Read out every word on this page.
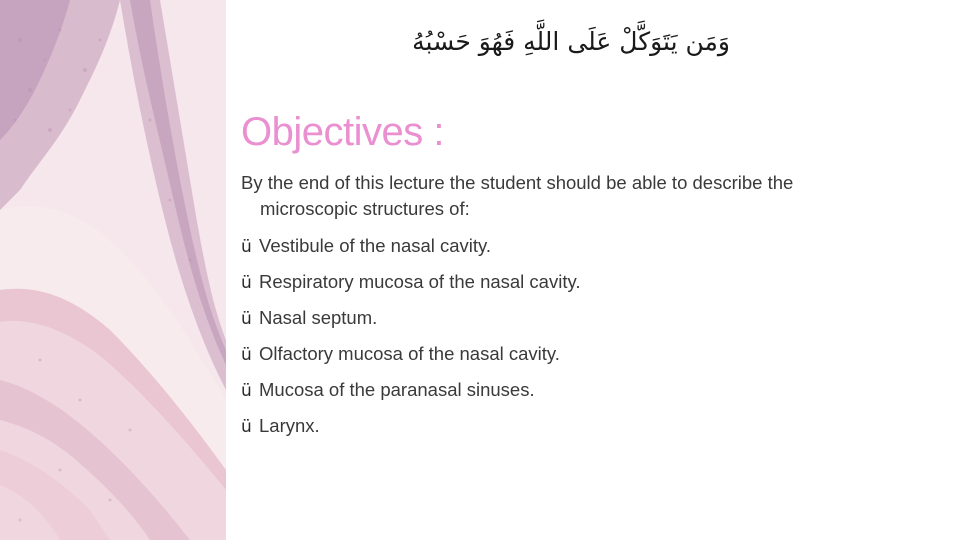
وَمَن يَتَوَكَّلْ عَلَى اللَّهِ فَهُوَ حَسْبُهُ
Objectives :

By the end of this lecture the student should be able to describe the
microscopic structures of:

ü Vestibule of the nasal cavity.
ü Respiratory mucosa of the nasal cavity.
ü Nasal septum.
ü Olfactory mucosa of the nasal cavity.
ü Mucosa of the paranasal sinuses.
ü Larynx.
